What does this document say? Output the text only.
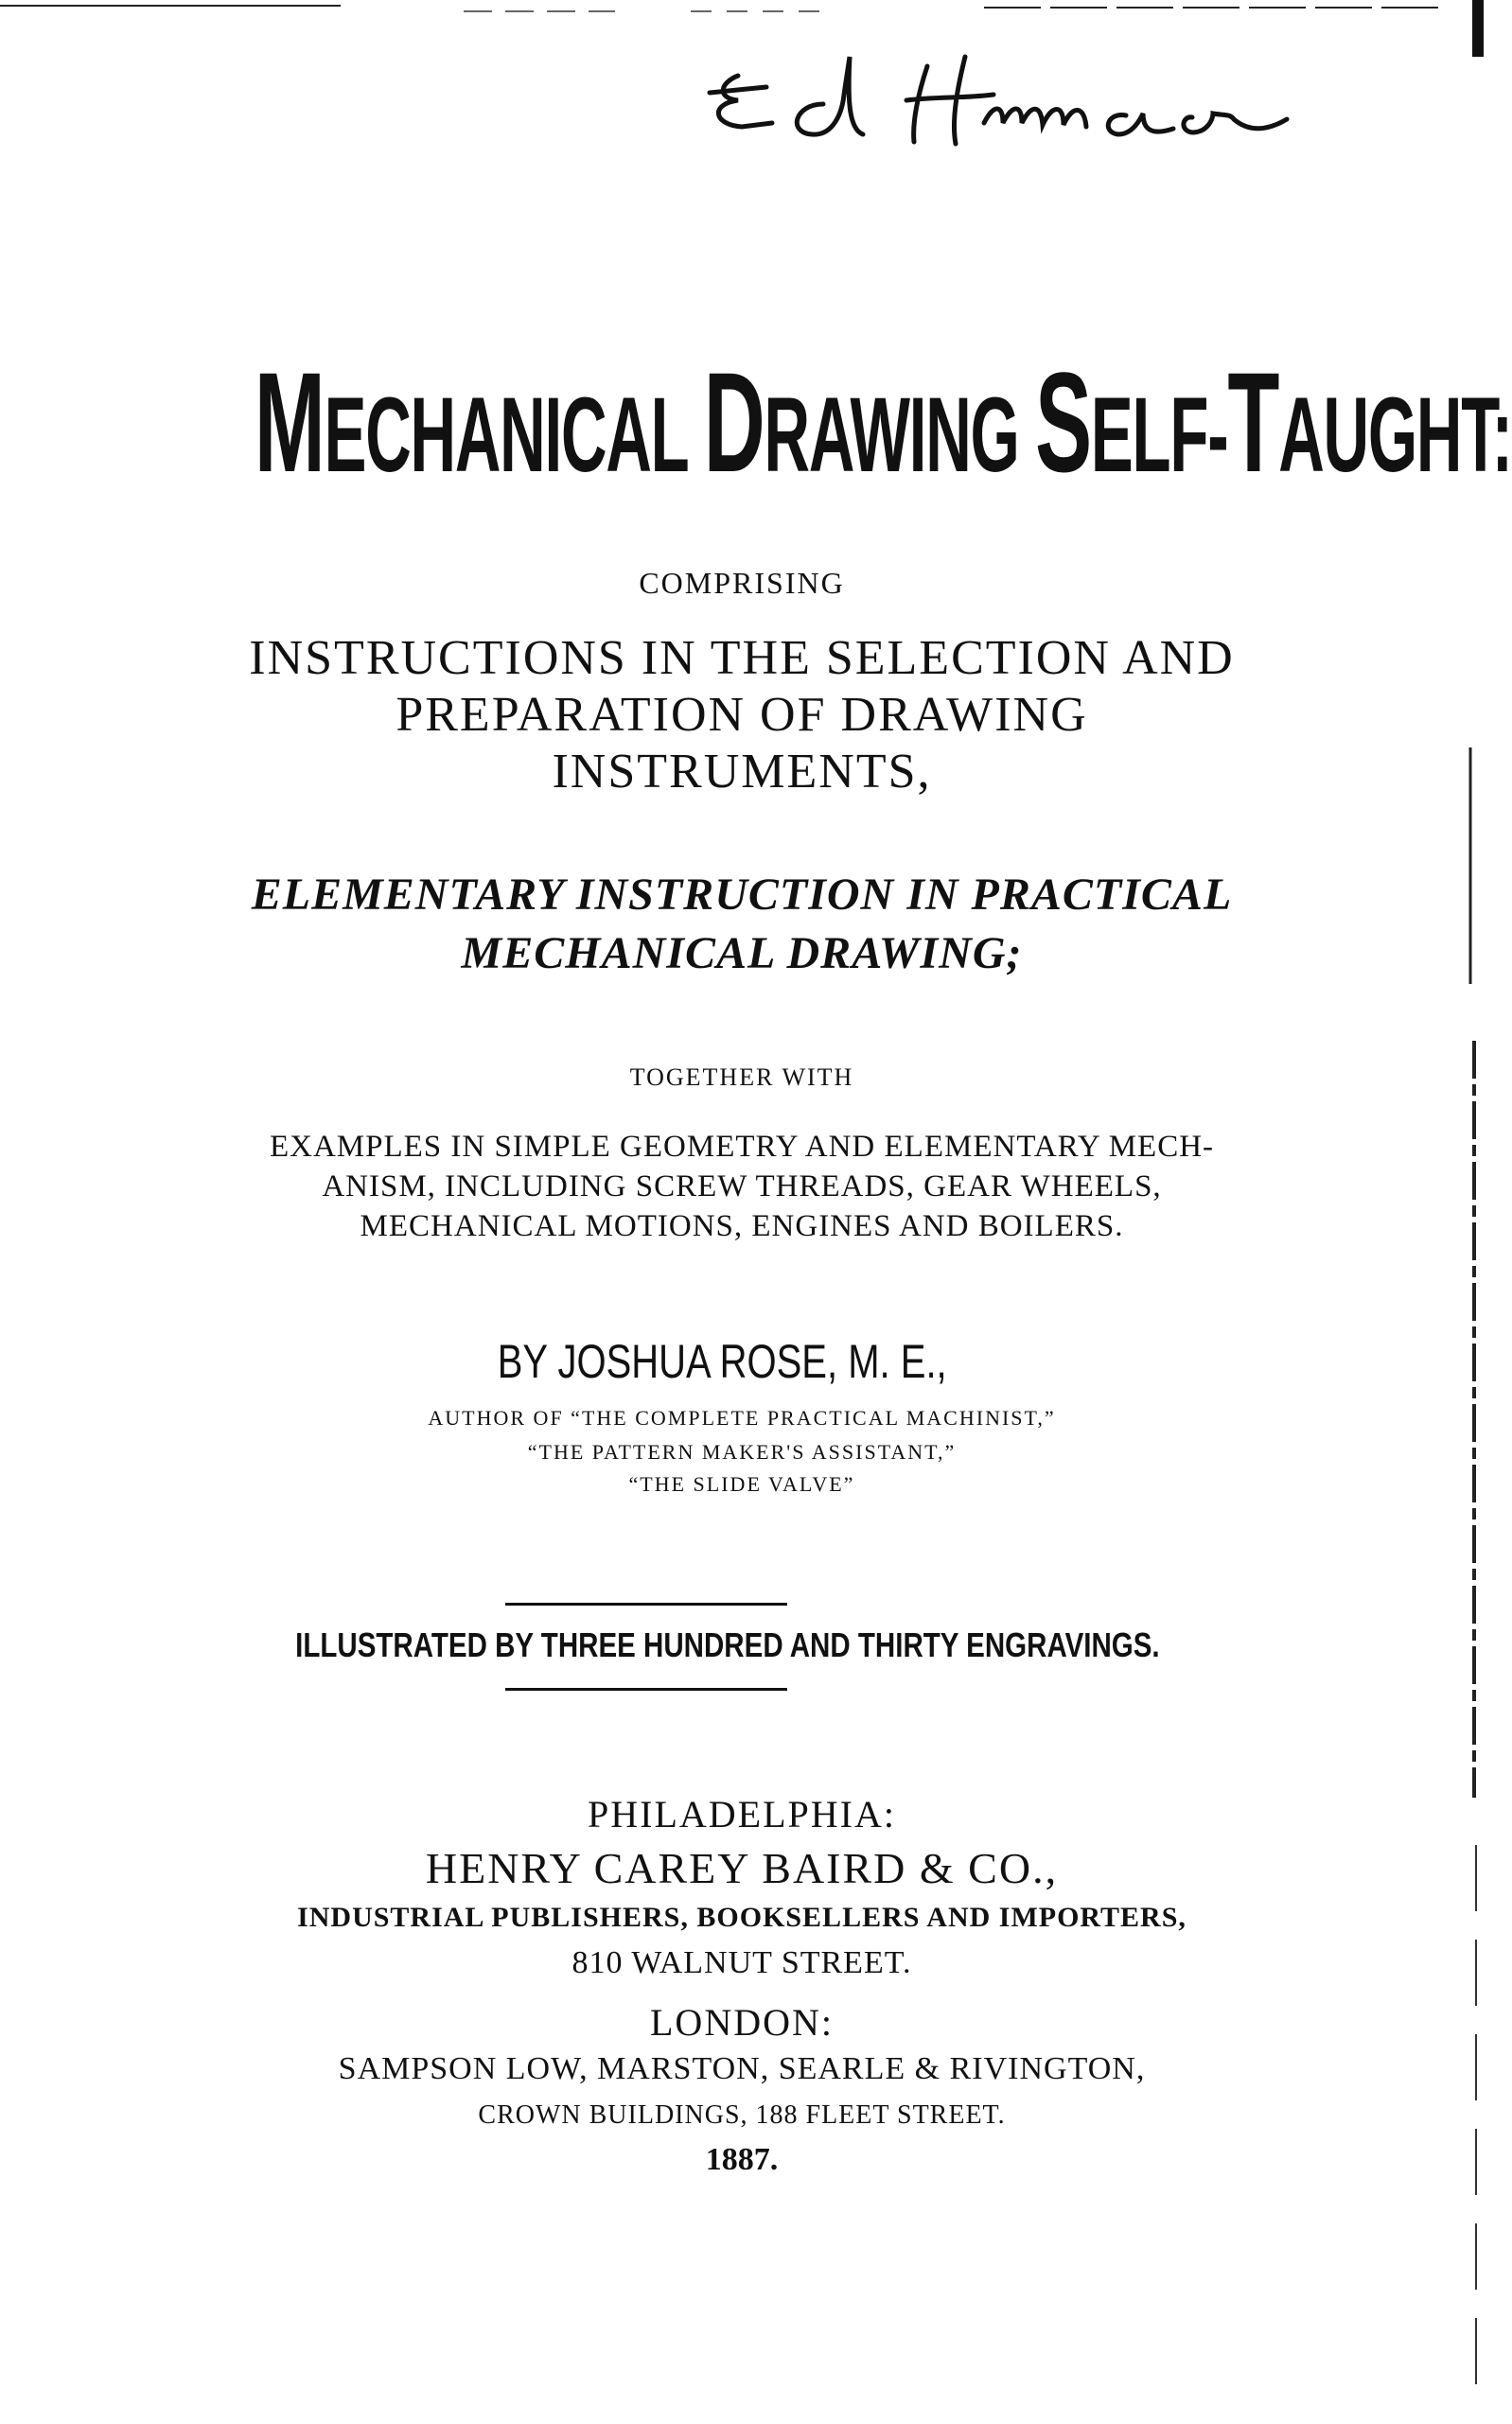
MECHANICAL DRAWING SELF-TAUGHT:
COMPRISING
INSTRUCTIONS IN THE SELECTION AND
PREPARATION OF DRAWING
INSTRUMENTS,
ELEMENTARY INSTRUCTION IN PRACTICAL
MECHANICAL DRAWING;
TOGETHER WITH
EXAMPLES IN SIMPLE GEOMETRY AND ELEMENTARY MECH-
ANISM, INCLUDING SCREW THREADS, GEAR WHEELS,
MECHANICAL MOTIONS, ENGINES AND BOILERS.
BY JOSHUA ROSE, M. E.,
AUTHOR OF “THE COMPLETE PRACTICAL MACHINIST,”
“THE PATTERN MAKER'S ASSISTANT,”
“THE SLIDE VALVE”
ILLUSTRATED BY THREE HUNDRED AND THIRTY ENGRAVINGS.
PHILADELPHIA:
HENRY CAREY BAIRD & CO.,
INDUSTRIAL PUBLISHERS, BOOKSELLERS AND IMPORTERS,
810 WALNUT STREET.
LONDON:
SAMPSON LOW, MARSTON, SEARLE & RIVINGTON,
CROWN BUILDINGS, 188 FLEET STREET.
1887.
